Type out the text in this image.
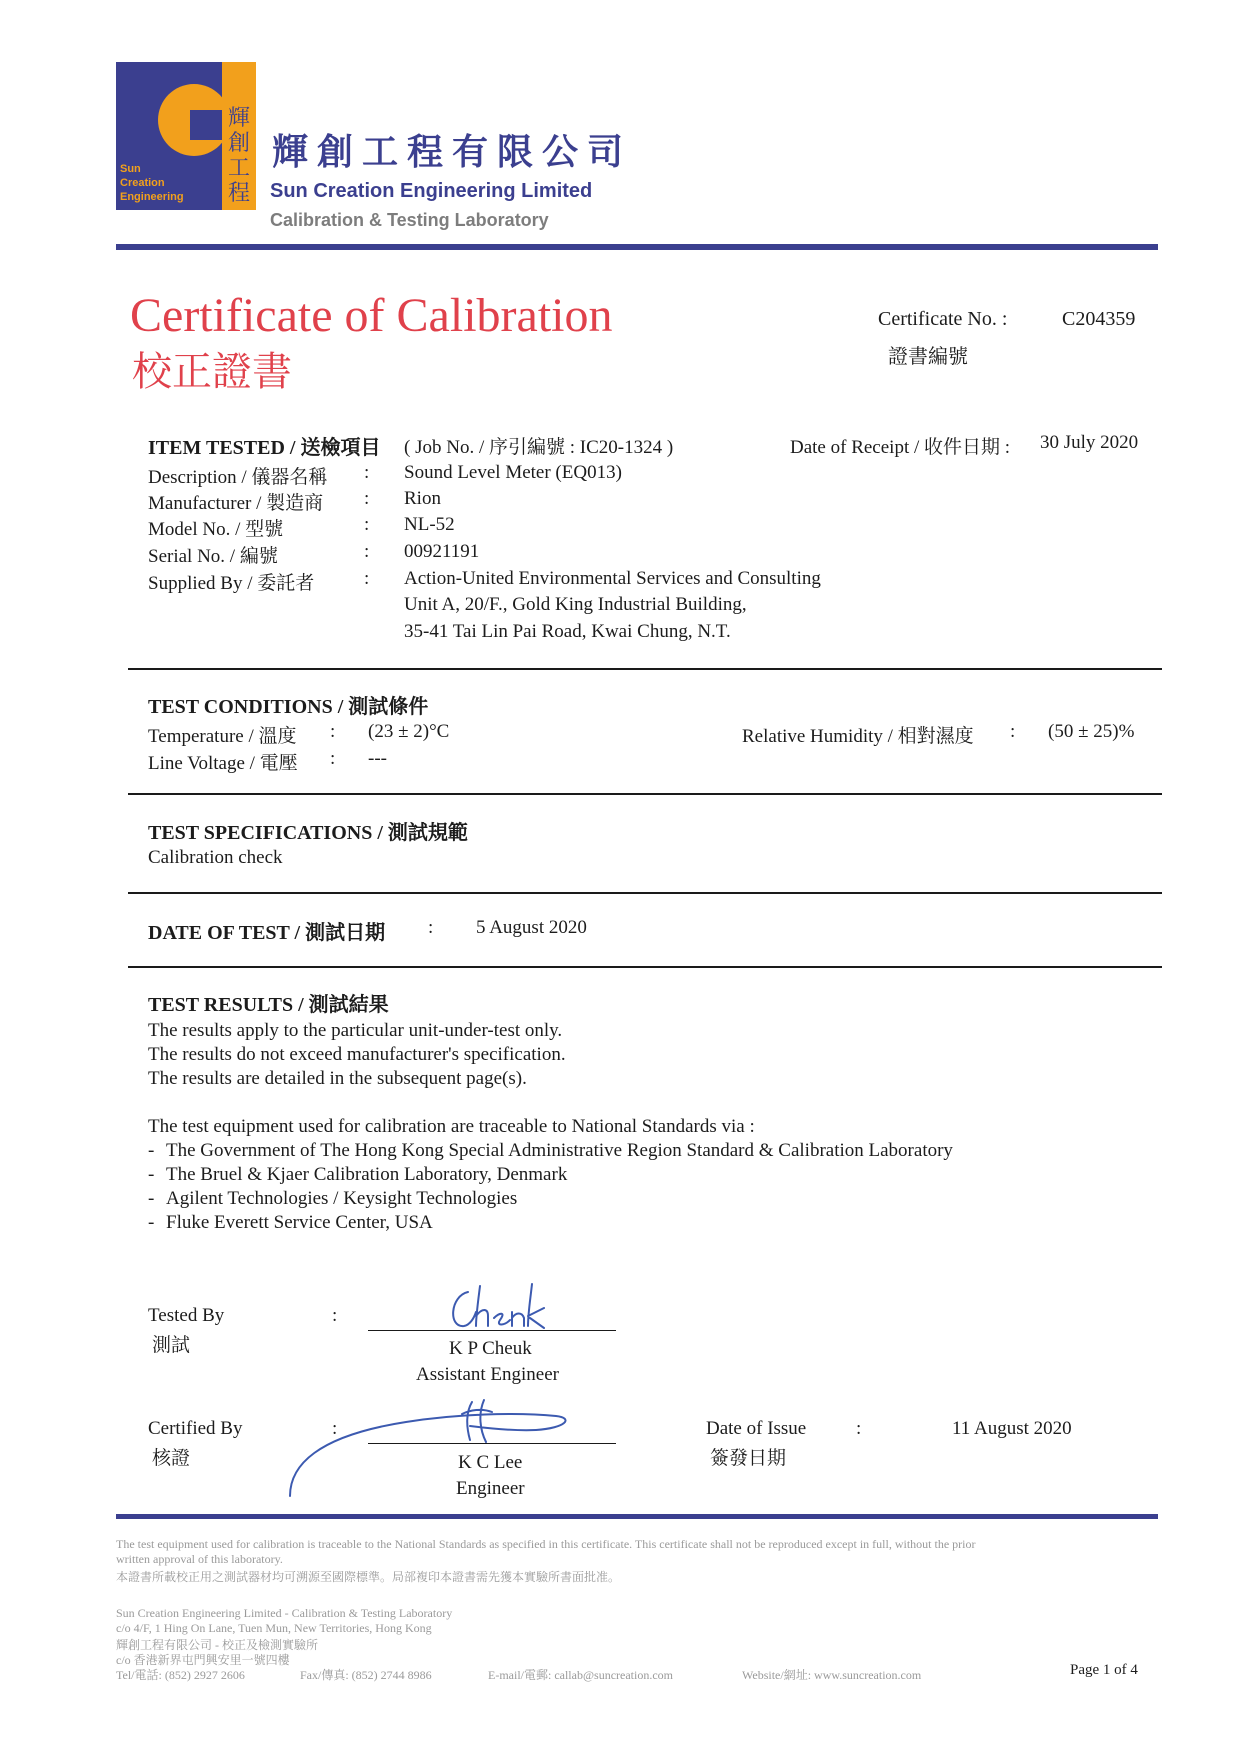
Sun
Creation
Engineering
輝
創
工
程
輝創工程有限公司
Sun Creation Engineering Limited
Calibration & Testing Laboratory
Certificate of Calibration
校正證書
Certificate No. :	C204359
證書編號
ITEM TESTED / 送檢項目 ( Job No. / 序引編號 : IC20-1324 )	Date of Receipt / 收件日期 : 30 July 2020
Description / 儀器名稱 : Sound Level Meter (EQ013)
Manufacturer / 製造商 : Rion
Model No. / 型號	: NL-52
Serial No. / 編號	: 00921191
Supplied By / 委託者	: Action-United Environmental Services and Consulting
Unit A, 20/F., Gold King Industrial Building,
35-41 Tai Lin Pai Road, Kwai Chung, N.T.
TEST CONDITIONS / 測試條件
Temperature / 溫度 : (23 ± 2)°C
Line Voltage / 電壓 : ---
Relative Humidity / 相對濕度 : (50 ± 25)%
TEST SPECIFICATIONS / 測試規範
Calibration check
DATE OF TEST / 測試日期 : 5 August 2020
TEST RESULTS / 測試結果
The results apply to the particular unit-under-test only.
The results do not exceed manufacturer's specification.
The results are detailed in the subsequent page(s).
The test equipment used for calibration are traceable to National Standards via :
- The Government of The Hong Kong Special Administrative Region Standard & Calibration Laboratory
- The Bruel & Kjaer Calibration Laboratory, Denmark
- Agilent Technologies / Keysight Technologies
- Fluke Everett Service Center, USA
Tested By
測試
:
K P Cheuk
Assistant Engineer
Certified By
核證
:
K C Lee
Engineer
Date of Issue
簽發日期
:	11 August 2020
The test equipment used for calibration is traceable to the National Standards as specified in this certificate. This certificate shall not be reproduced except in full, without the prior
written approval of this laboratory.
本證書所載校正用之測試器材均可溯源至國際標準。局部複印本證書需先獲本實驗所書面批准。
Sun Creation Engineering Limited - Calibration & Testing Laboratory
c/o 4/F, 1 Hing On Lane, Tuen Mun, New Territories, Hong Kong
輝創工程有限公司 - 校正及檢測實驗所
c/o 香港新界屯門興安里一號四樓
Tel/電話: (852) 2927 2606	Fax/傳真: (852) 2744 8986	E-mail/電郵: callab@suncreation.com	Website/網址: www.suncreation.com	Page 1 of 4
